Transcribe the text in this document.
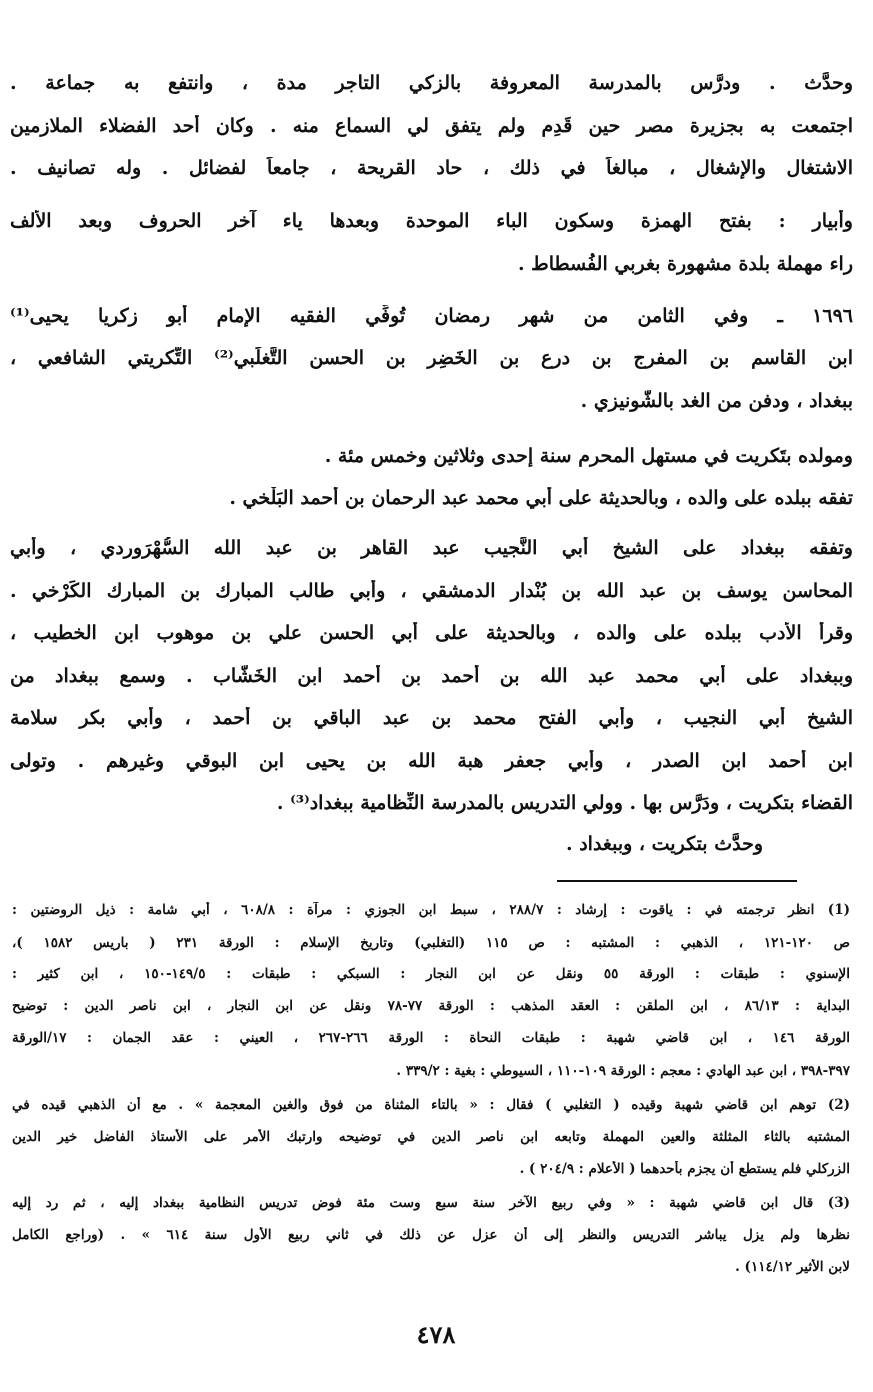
وحدَّث . ودرَّس بالمدرسة المعروفة بالزكي التاجر مدة ، وانتفع به جماعة .
اجتمعت به بجزيرة مصر حين قَدِم ولم يتفق لي السماع منه . وكان أحد الفضلاء الملازمين
الاشتغال والإشغال ، مبالغاً في ذلك ، حاد القريحة ، جامعاً لفضائل . وله تصانيف .
وأَبيار : بفتح الهمزة وسكون الباء الموحدة وبعدها ياء آخر الحروف وبعد الألف
راء مهملة بلدة مشهورة بغربي الفُسطاط .
١٦٩٦ ـ وفي الثامن من شهر رمضان تُوفِّي الفقيه الإمام أبو زكريا يحيى⁽¹⁾
ابن القاسم بن المفرج بن درع بن الخَضِر بن الحسن التَّغلَبي⁽²⁾ التِّكريتي الشافعي ،
ببغداد ، ودفن من الغد بالشُّونيزي .
ومولده بتَكريت في مستهل المحرم سنة إحدى وثلاثين وخمس مئة .
تفقه ببلده على والده ، وبالحديثة على أبي محمد عبد الرحمان بن أحمد البَلْخي .
وتفقه ببغداد على الشيخ أبي النَّجيب عبد القاهر بن عبد الله السُّهْرَوردي ، وأبي
المحاسن يوسف بن عبد الله بن بُنْدار الدمشقي ، وأبي طالب المبارك بن المبارك الكَرْخي .
وقرأ الأدب ببلده على والده ، وبالحديثة على أبي الحسن علي بن موهوب ابن الخطيب ،
وببغداد على أبي محمد عبد الله بن أحمد بن أحمد ابن الخَشّاب . وسمع ببغداد من
الشيخ أبي النجيب ، وأبي الفتح محمد بن عبد الباقي بن أحمد ، وأبي بكر سلامة
ابن أحمد ابن الصدر ، وأبي جعفر هبة الله بن يحيى ابن البوقي وغيرهم . وتولى
القضاء بتكريت ، ودَرَّس بها . وولي التدريس بالمدرسة النِّظامية ببغداد⁽³⁾ .
وحدَّث بتكريت ، وببغداد .
(1) انظر ترجمته في : ياقوت : إرشاد : ٢٨٨/٧ ، سبط ابن الجوزي : مرآة : ٦٠٨/٨ ، أبي شامة : ذيل الروضتين :
ص ١٢٠-١٢١ ، الذهبي : المشتبه : ص ١١٥ (التغلبي) وتاريخ الإسلام : الورقة ٢٣١ ( باريس ١٥٨٢ )،
الإسنوي : طبقات : الورقة ٥٥ ونقل عن ابن النجار : السبكي : طبقات : ١٤٩/٥-١٥٠ ، ابن كثير :
البداية : ٨٦/١٣ ، ابن الملقن : العقد المذهب : الورقة ٧٧-٧٨ ونقل عن ابن النجار ، ابن ناصر الدين : توضيح
الورقة ١٤٦ ، ابن قاضي شهبة : طبقات النحاة : الورقة ٢٦٦-٢٦٧ ، العيني : عقد الجمان : ١٧/الورقة
٣٩٧-٣٩٨ ، ابن عبد الهادي : معجم : الورقة ١٠٩-١١٠ ، السيوطي : بغية : ٣٣٩/٢ .
(2) توهم ابن قاضي شهبة وقيده ( التغلبي ) فقال : « بالتاء المثناة من فوق والغين المعجمة » . مع أن الذهبي قيده في
المشتبه بالثاء المثلثة والعين المهملة وتابعه ابن ناصر الدين في توضيحه وارتبك الأمر على الأستاذ الفاضل خير الدين
الزركلي فلم يستطع أن يجزم بأحدهما ( الأعلام : ٢٠٤/٩ ) .
(3) قال ابن قاضي شهبة : « وفي ربيع الآخر سنة سبع وست مئة فوض تدريس النظامية ببغداد إليه ، ثم رد إليه
نظرها ولم يزل يباشر التدريس والنظر إلى أن عزل عن ذلك في ثاني ربيع الأول سنة ٦١٤ » . (وراجع الكامل
لابن الأثير ١١٤/١٢) .
٤٧٨
